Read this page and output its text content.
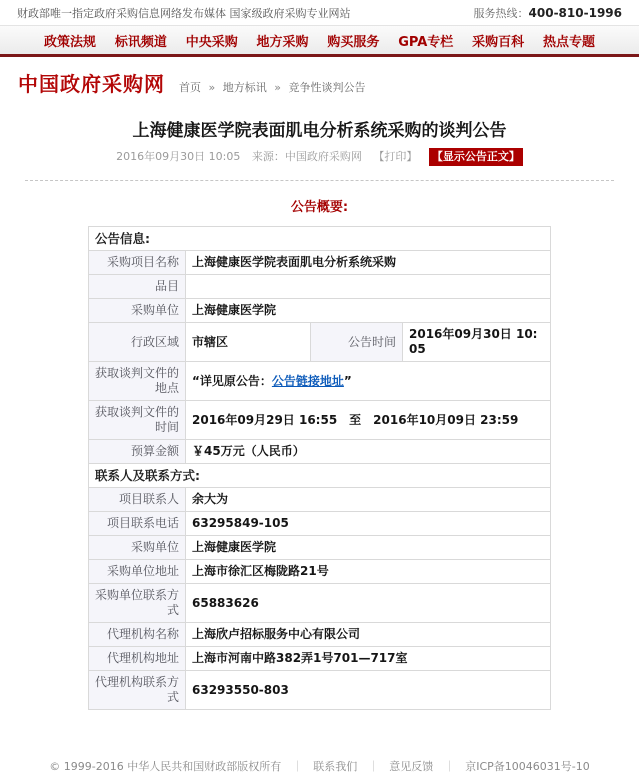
财政部唯一指定政府采购信息网络发布媒体 国家级政府采购专业网站	服务热线：400-810-1996
政策法规 标讯频道 中央采购 地方采购 购买服务 GPA专栏 采购百科 热点专题
中国政府采购网 首页 » 地方标讯 » 竞争性谈判公告
上海健康医学院表面肌电分析系统采购的谈判公告
2016年09月30日 10:05 来源：中国政府采购网 【打印】 【显示公告正文】
公告概要:
公告信息:			
采购项目名称	上海健康医学院表面肌电分析系统采购		
品目			
采购单位	上海健康医学院		
行政区域	市辖区	公告时间	2016年09月30日 10:05
获取谈判文件的地点	“详见原公告：公告链接地址”		
获取谈判文件的时间	2016年09月29日 16:55　至　2016年10月09日 23:59		
预算金额	￥45万元（人民币）		
联系人及联系方式:			
项目联系人	余大为		
项目联系电话	63295849-105		
采购单位	上海健康医学院		
采购单位地址	上海市徐汇区梅陇路21号		
采购单位联系方式	65883626		
代理机构名称	上海欣卢招标服务中心有限公司		
代理机构地址	上海市河南中路382弄1号701—717室		
代理机构联系方式	63293550-803		
© 1999-2016 中华人民共和国财政部版权所有 ｜ 联系我们 ｜ 意见反馈 ｜ 京ICP备10046031号-10
